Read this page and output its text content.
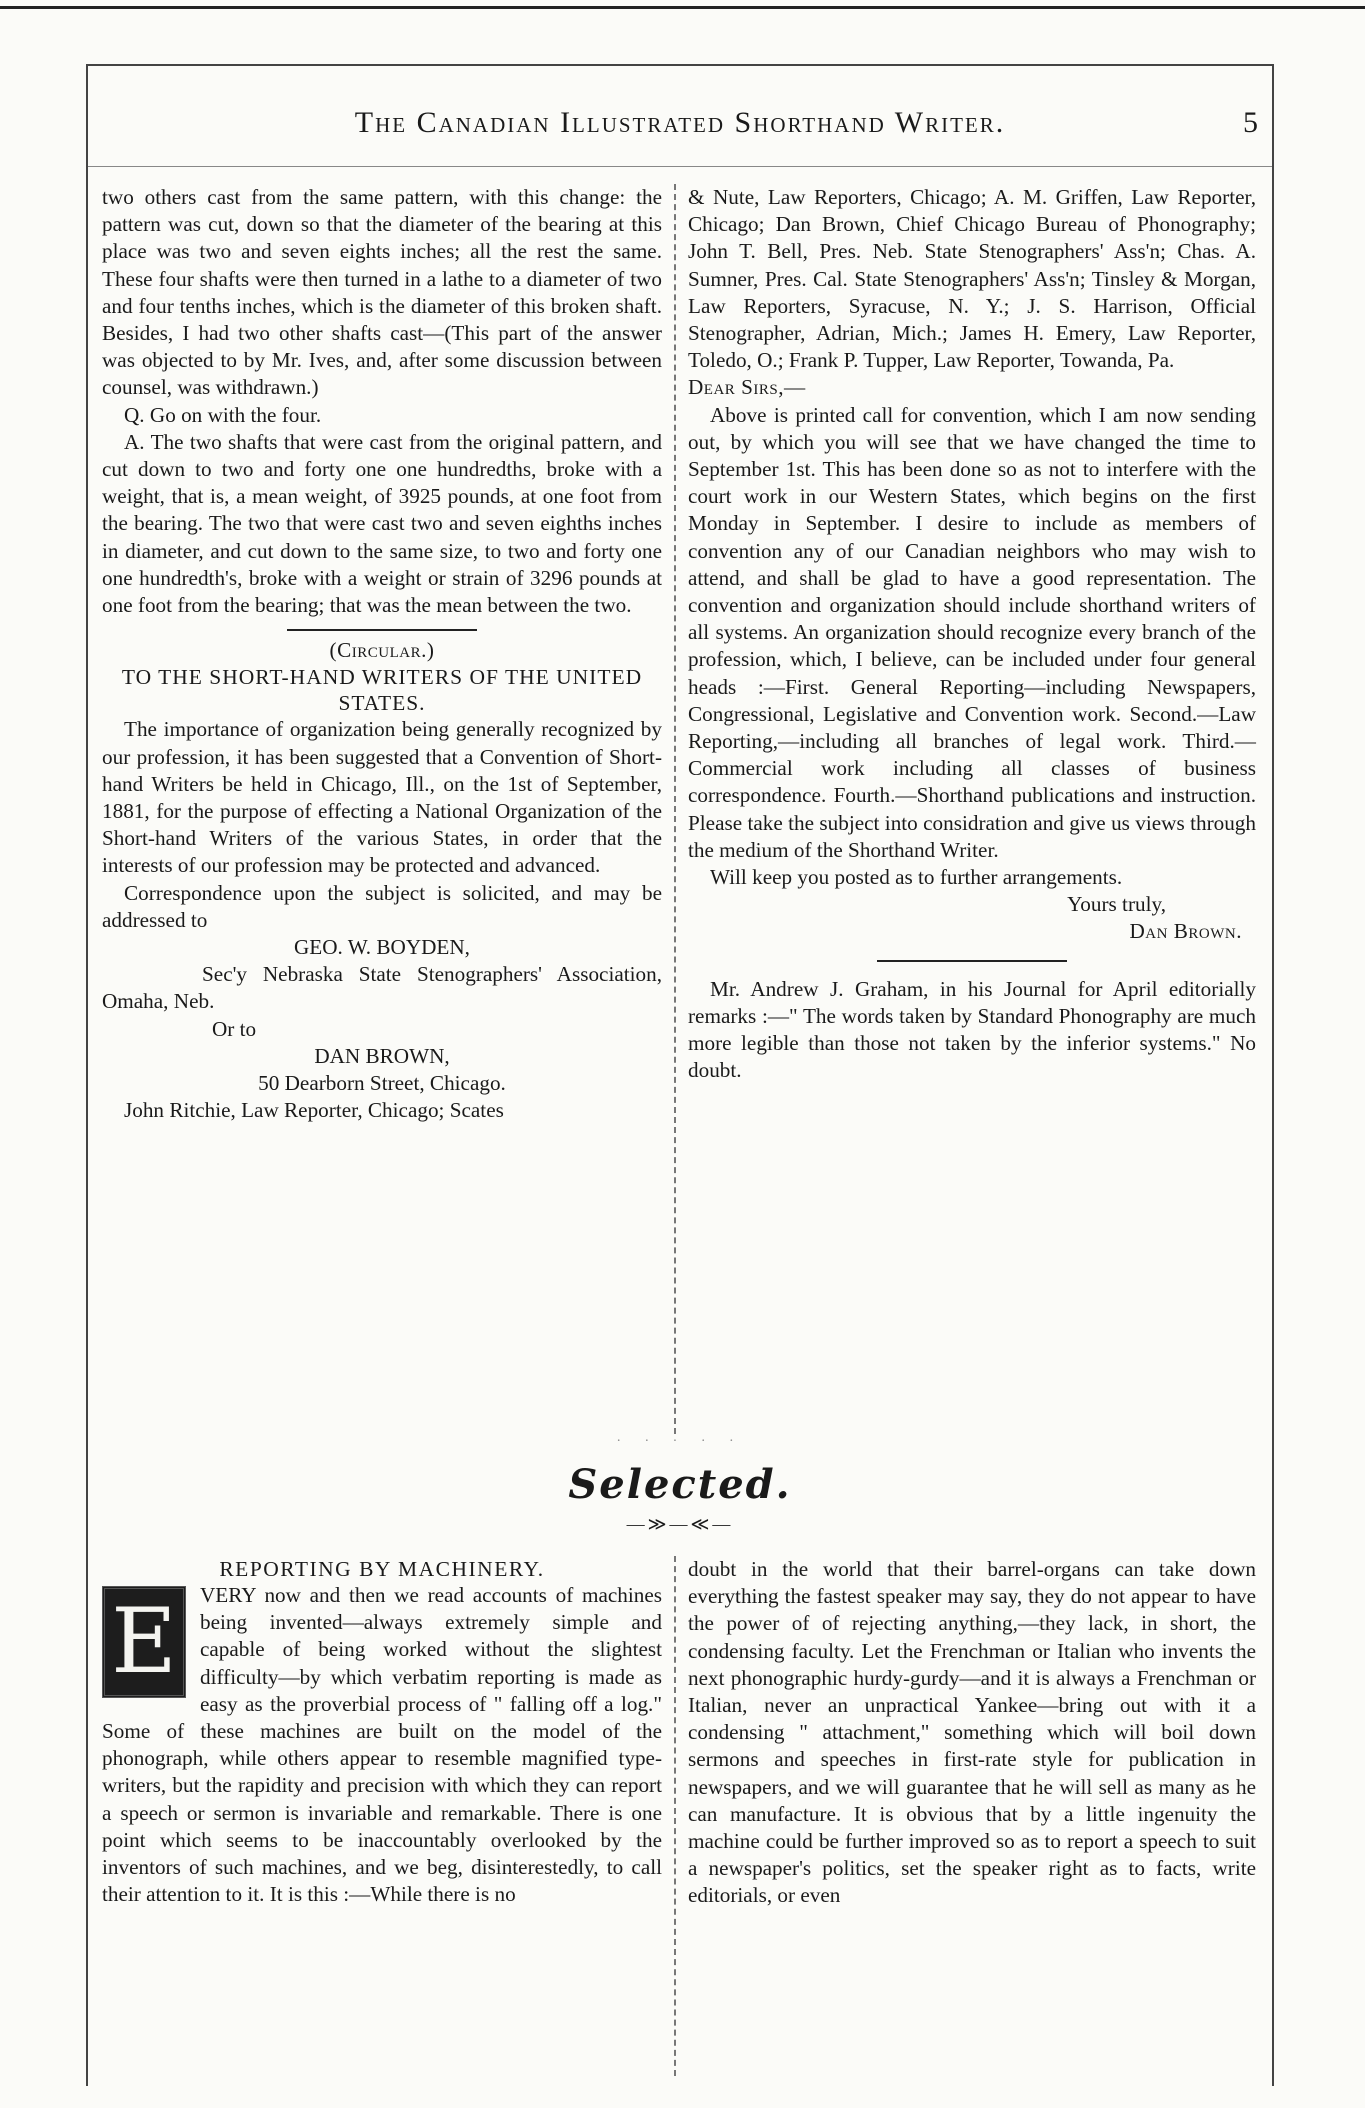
The Canadian Illustrated Shorthand Writer.	5

two others cast from the same pattern, with this change: the pattern was cut, down so that the diameter of the bearing at this place was two and seven eights inches; all the rest the same. These four shafts were then turned in a lathe to a diameter of two and four tenths inches, which is the diameter of this broken shaft. Besides, I had two other shafts cast—(This part of the answer was objected to by Mr. Ives, and, after some discussion between counsel, was withdrawn.)

Q. Go on with the four.

A. The two shafts that were cast from the original pattern, and cut down to two and forty one one hundredths, broke with a weight, that is, a mean weight, of 3925 pounds, at one foot from the bearing. The two that were cast two and seven eighths inches in diameter, and cut down to the same size, to two and forty one one hundredth's, broke with a weight or strain of 3296 pounds at one foot from the bearing; that was the mean between the two.

(Circular.)

TO THE SHORT-HAND WRITERS OF THE UNITED STATES.

The importance of organization being generally recognized by our profession, it has been suggested that a Convention of Short-hand Writers be held in Chicago, Ill., on the 1st of September, 1881, for the purpose of effecting a National Organization of the Short-hand Writers of the various States, in order that the interests of our profession may be protected and advanced.

Correspondence upon the subject is solicited, and may be addressed to

GEO. W. BOYDEN,

Sec'y Nebraska State Stenographers' Association, Omaha, Neb.

Or to

DAN BROWN,

50 Dearborn Street, Chicago.

John Ritchie, Law Reporter, Chicago; Scates

& Nute, Law Reporters, Chicago; A. M. Griffen, Law Reporter, Chicago; Dan Brown, Chief Chicago Bureau of Phonography; John T. Bell, Pres. Neb. State Stenographers' Ass'n; Chas. A. Sumner, Pres. Cal. State Stenographers' Ass'n; Tinsley & Morgan, Law Reporters, Syracuse, N. Y.; J. S. Harrison, Official Stenographer, Adrian, Mich.; James H. Emery, Law Reporter, Toledo, O.; Frank P. Tupper, Law Reporter, Towanda, Pa.

Dear Sirs,—

Above is printed call for convention, which I am now sending out, by which you will see that we have changed the time to September 1st. This has been done so as not to interfere with the court work in our Western States, which begins on the first Monday in September. I desire to include as members of convention any of our Canadian neighbors who may wish to attend, and shall be glad to have a good representation. The convention and organization should include shorthand writers of all systems. An organization should recognize every branch of the profession, which, I believe, can be included under four general heads :—First. General Reporting—including Newspapers, Congressional, Legislative and Convention work. Second.—Law Reporting,—including all branches of legal work. Third.—Commercial work including all classes of business correspondence. Fourth.—Shorthand publications and instruction. Please take the subject into considration and give us views through the medium of the Shorthand Writer.

Will keep you posted as to further arrangements.

Yours truly,

Dan Brown.

Mr. Andrew J. Graham, in his Journal for April editorially remarks :—" The words taken by Standard Phonography are much more legible than those not taken by the inferior systems." No doubt.

· · · · ·
Selected.
—≫—≪—

REPORTING BY MACHINERY.

E	VERY now and then we read accounts of machines being invented—always extremely simple and capable of being worked without the slightest difficulty—by which verbatim reporting is made as easy as the proverbial process of " falling off a log." Some of these machines are built on the model of the phonograph, while others appear to resemble magnified type-writers, but the rapidity and precision with which they can report a speech or sermon is invariable and remarkable. There is one point which seems to be inaccountably overlooked by the inventors of such machines, and we beg, disinterestedly, to call their attention to it. It is this :—While there is no

doubt in the world that their barrel-organs can take down everything the fastest speaker may say, they do not appear to have the power of of rejecting anything,—they lack, in short, the condensing faculty. Let the Frenchman or Italian who invents the next phonographic hurdy-gurdy—and it is always a Frenchman or Italian, never an unpractical Yankee—bring out with it a condensing " attachment," something which will boil down sermons and speeches in first-rate style for publication in newspapers, and we will guarantee that he will sell as many as he can manufacture. It is obvious that by a little ingenuity the machine could be further improved so as to report a speech to suit a newspaper's politics, set the speaker right as to facts, write editorials, or even
